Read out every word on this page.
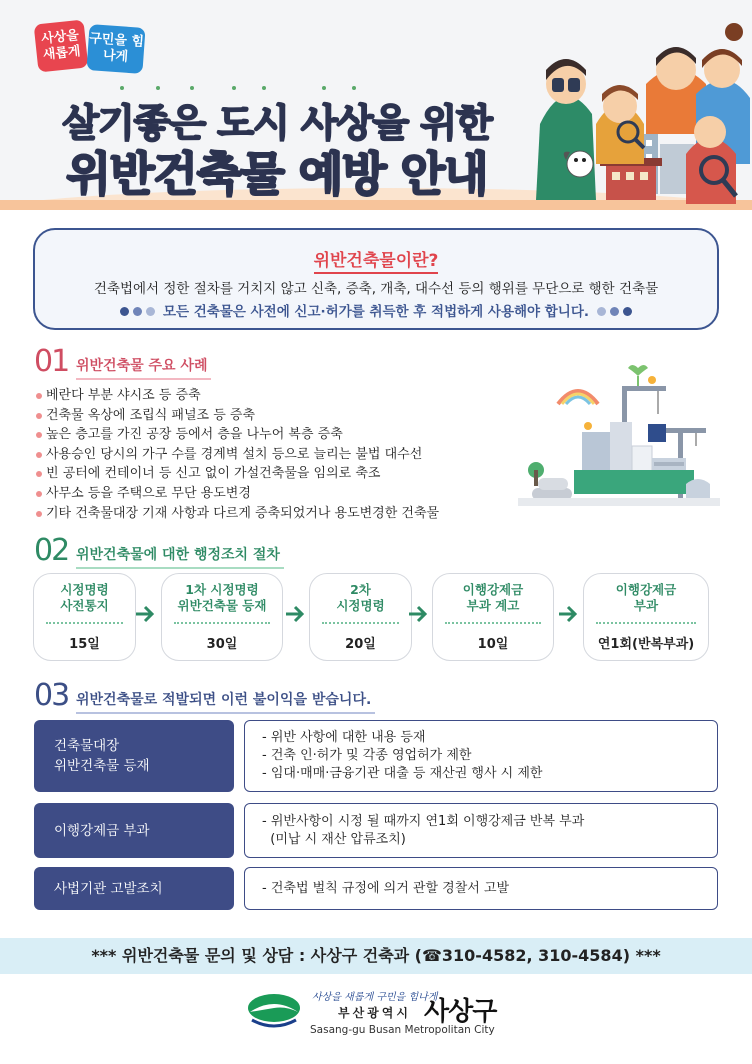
사상을 새롭게
구민을 힘나게
살기좋은 도시 사상을 위한
위반건축물 예방 안내
위반건축물이란?
건축법에서 정한 절차를 거치지 않고 신축, 증축, 개축, 대수선 등의 행위를 무단으로 행한 건축물
모든 건축물은 사전에 신고·허가를 취득한 후 적법하게 사용해야 합니다.
01 위반건축물 주요 사례
베란다 부분 샤시조 등 증축
건축물 옥상에 조립식 패널조 등 증축
높은 층고를 가진 공장 등에서 층을 나누어 복층 증축
사용승인 당시의 가구 수를 경계벽 설치 등으로 늘리는 불법 대수선
빈 공터에 컨테이너 등 신고 없이 가설건축물을 임의로 축조
사무소 등을 주택으로 무단 용도변경
기타 건축물대장 기재 사항과 다르게 증축되었거나 용도변경한 건축물
02 위반건축물에 대한 행정조치 절차
시정명령
사전통지
15일
1차 시정명령
위반건축물 등재
30일
2차
시정명령
20일
이행강제금
부과 계고
10일
이행강제금
부과
연1회(반복부과)
03 위반건축물로 적발되면 이런 불이익을 받습니다.
건축물대장
위반건축물 등재
- 위반 사항에 대한 내용 등재
- 건축 인·허가 및 각종 영업허가 제한
- 임대·매매·금융기관 대출 등 재산권 행사 시 제한
이행강제금 부과
- 위반사항이 시정 될 때까지 연1회 이행강제금 반복 부과
(미납 시 재산 압류조치)
사법기관 고발조치	- 건축법 벌칙 규정에 의거 관할 경찰서 고발
*** 위반건축물 문의 및 상담 : 사상구 건축과 (☎310-4582, 310-4584) ***
사상을 새롭게 구민을 힘나게
부산광역시 사상구
Sasang-gu Busan Metropolitan City
